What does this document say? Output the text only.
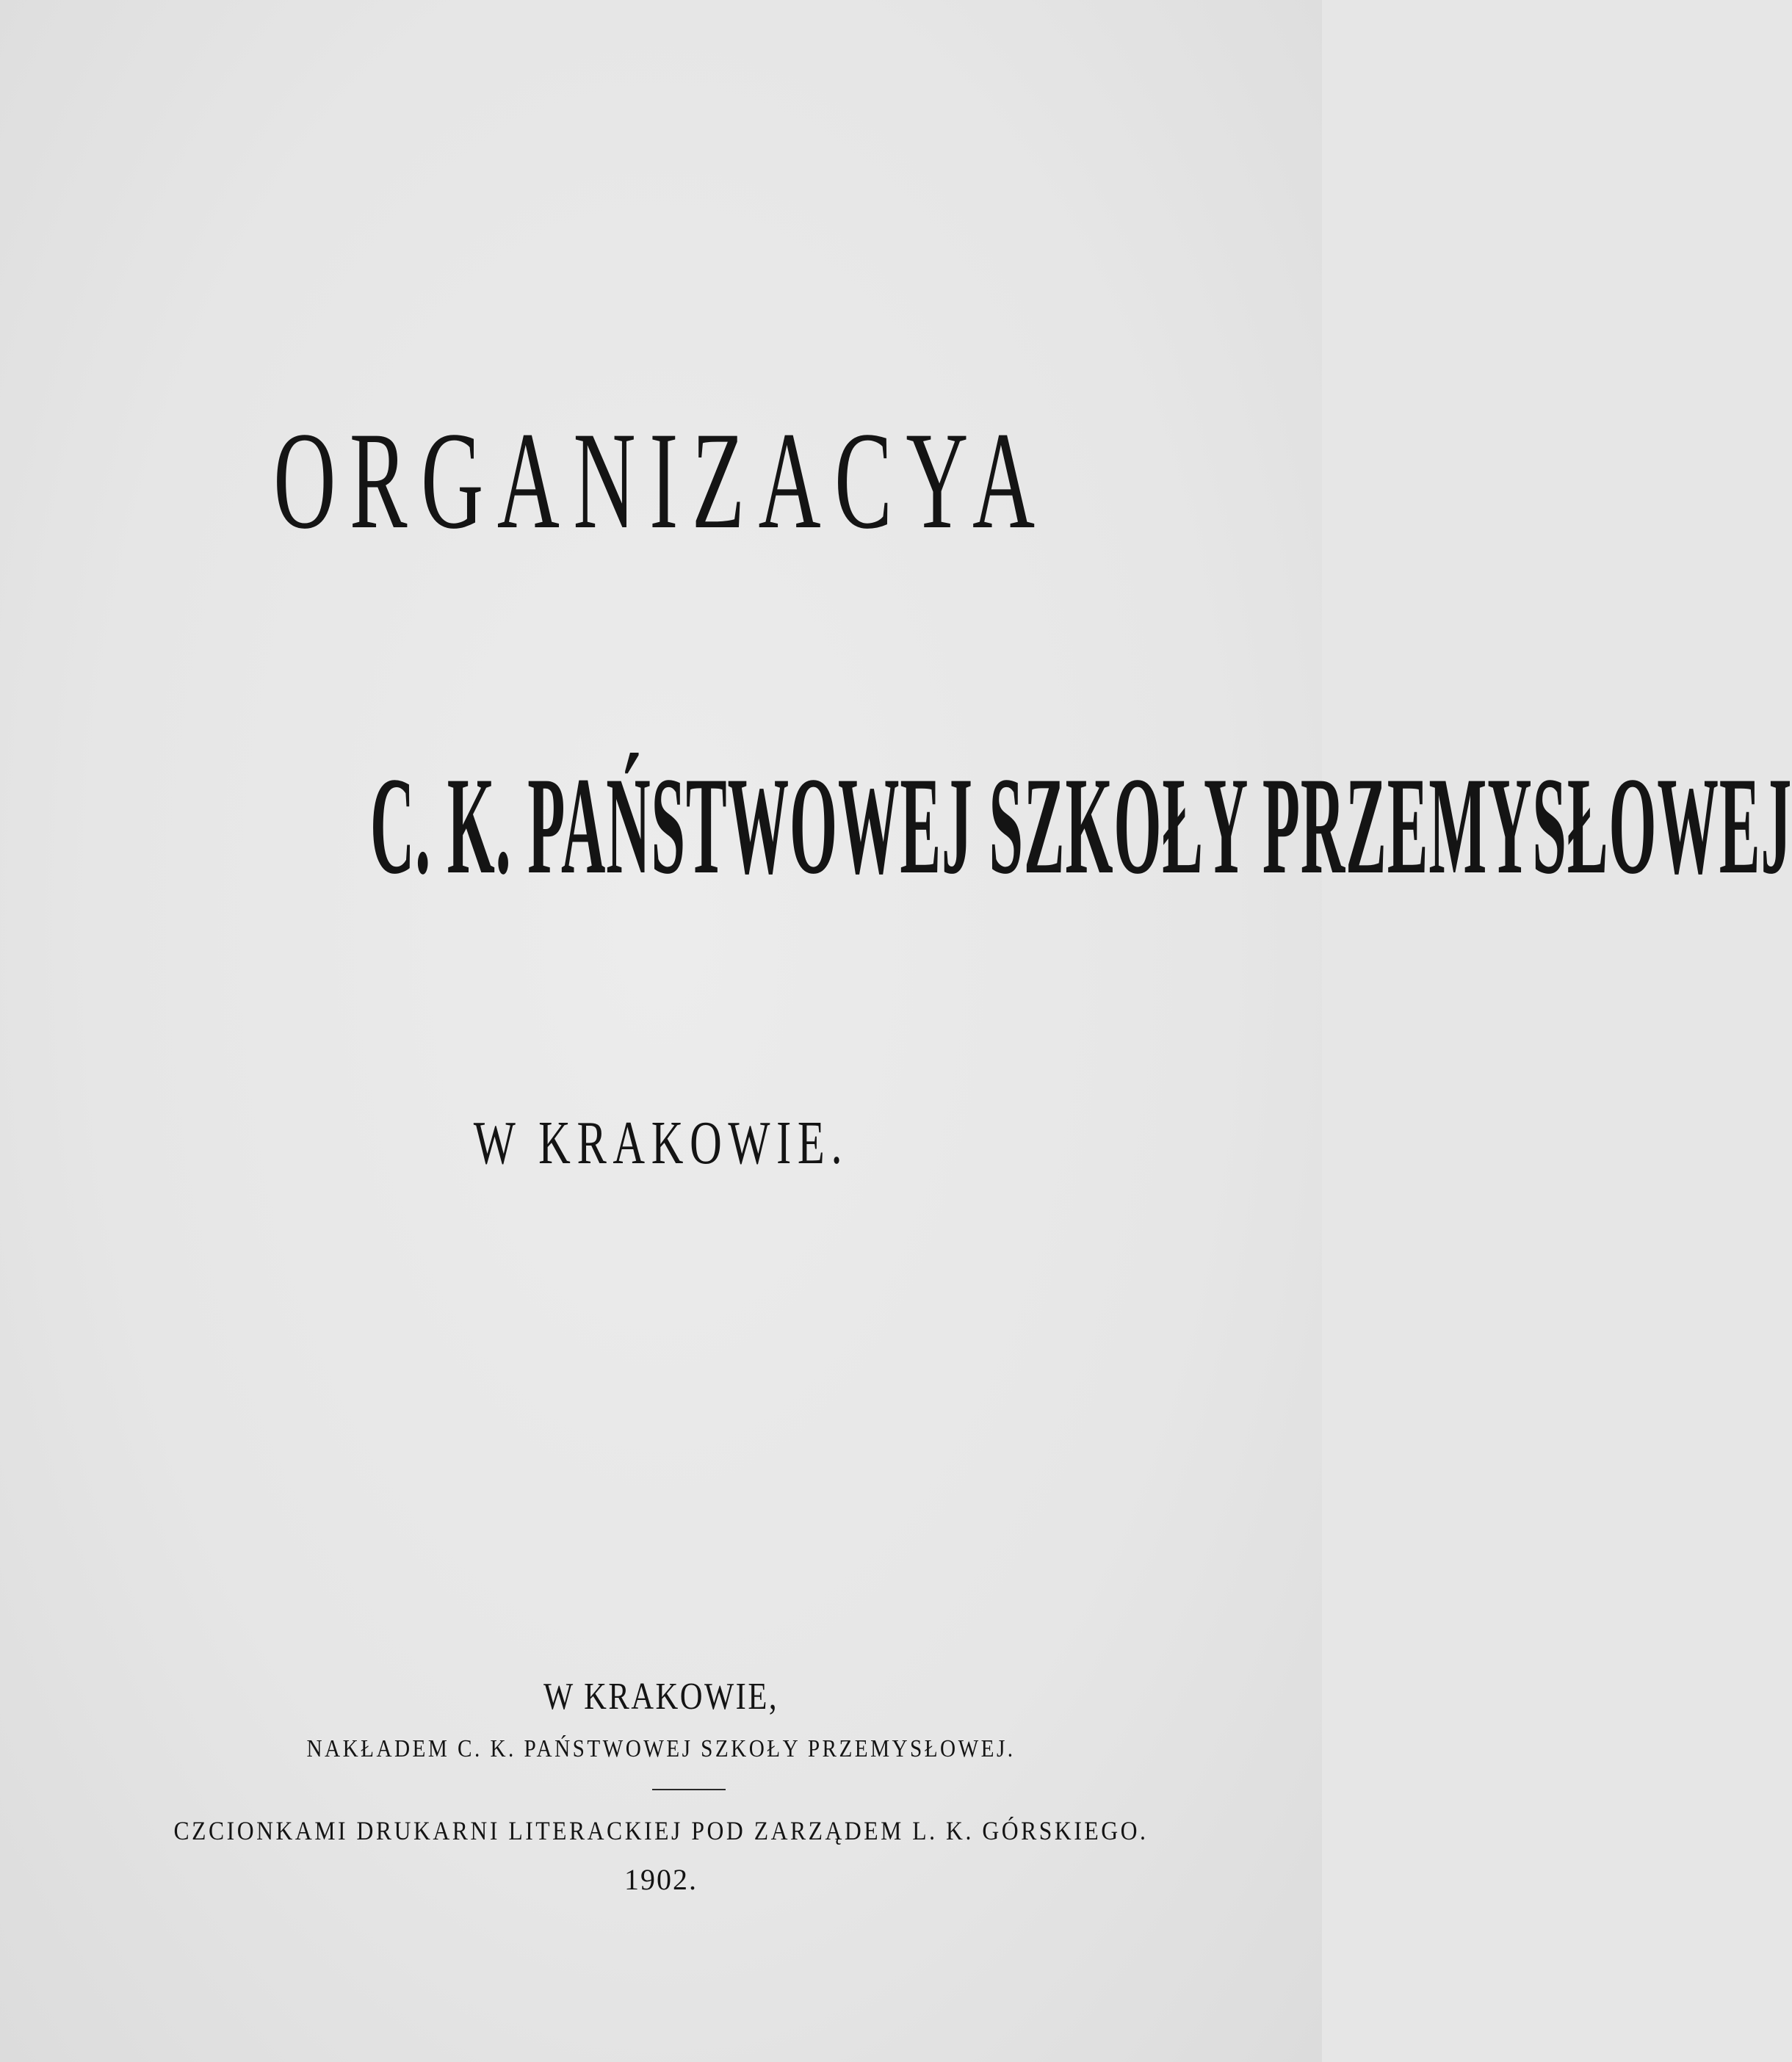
ORGANIZACYA
C. K. PAŃSTWOWEJ SZKOŁY PRZEMYSŁOWEJ
W KRAKOWIE.
W KRAKOWIE,
NAKŁADEM C. K. PAŃSTWOWEJ SZKOŁY PRZEMYSŁOWEJ.
CZCIONKAMI DRUKARNI LITERACKIEJ POD ZARZĄDEM L. K. GÓRSKIEGO.
1902.
